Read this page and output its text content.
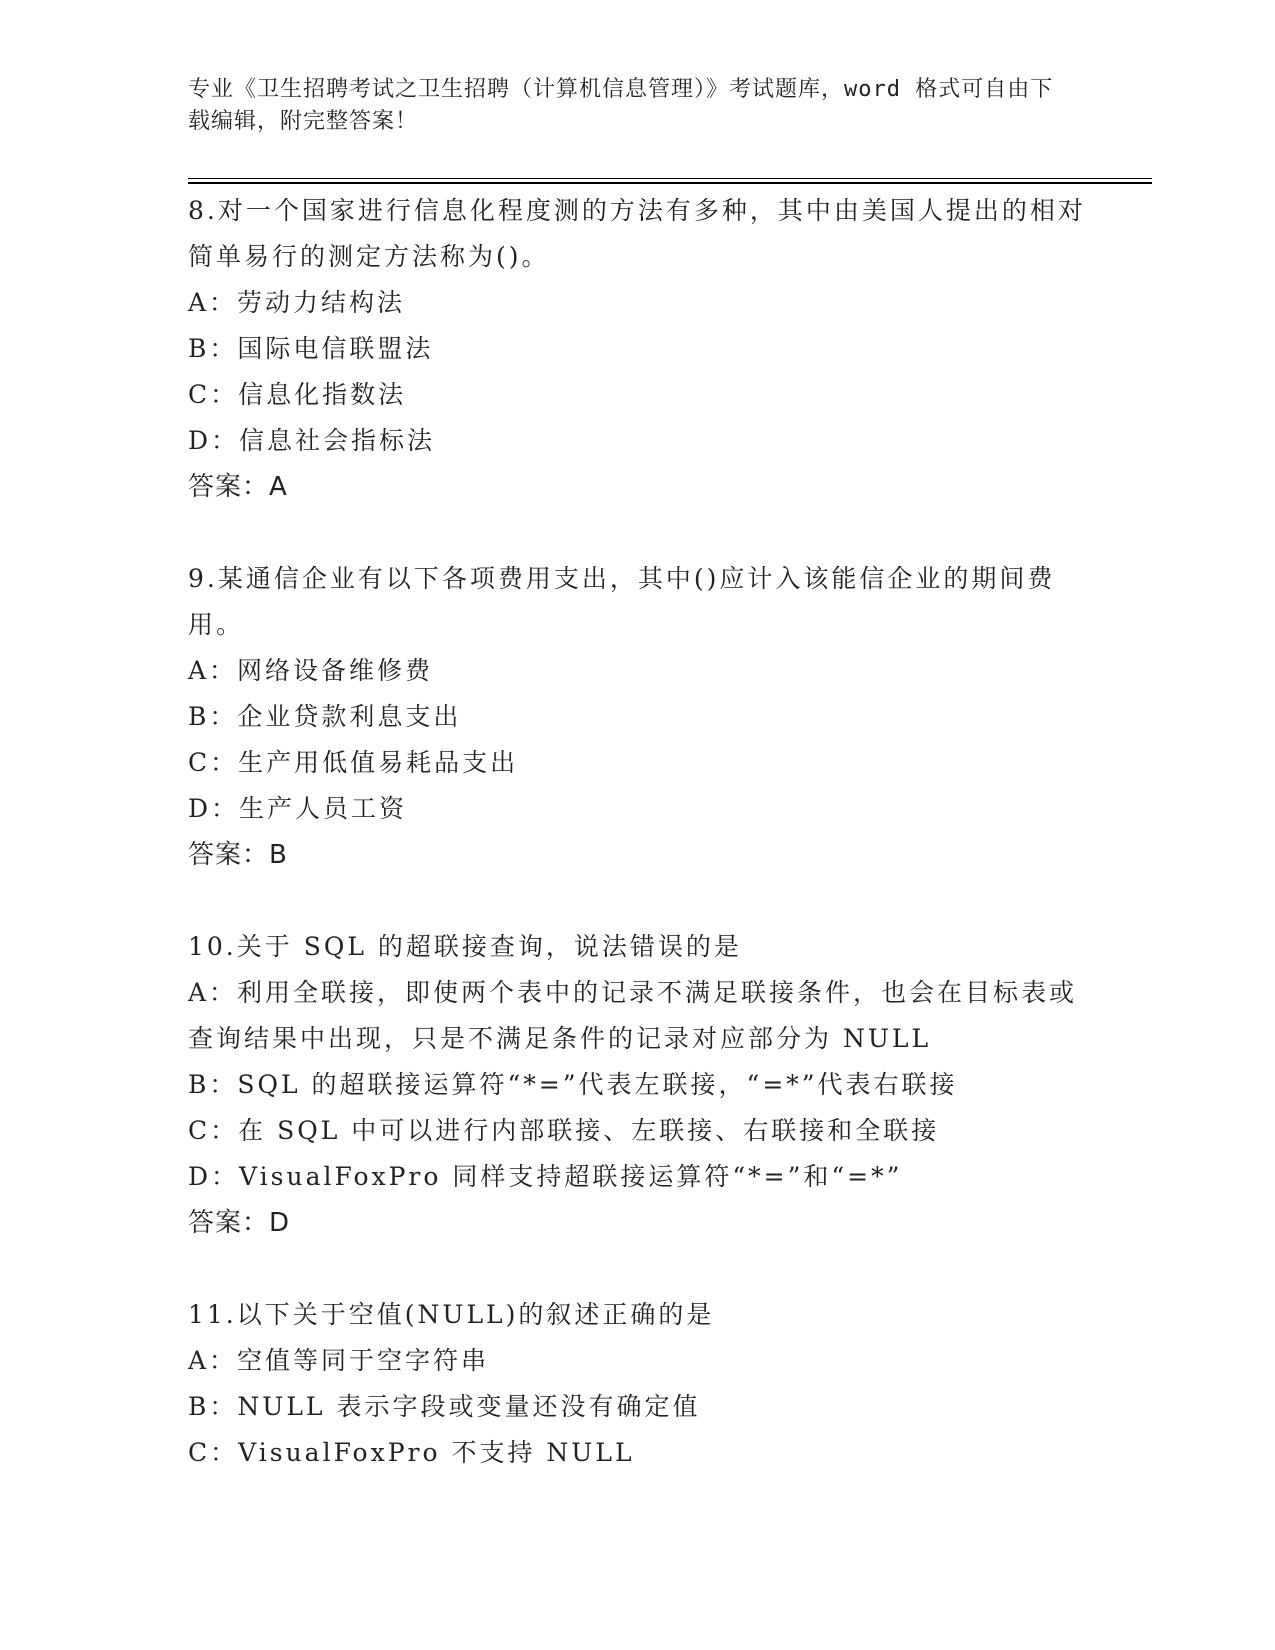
专业《卫生招聘考试之卫生招聘（计算机信息管理）》考试题库，word 格式可自由下载编辑，附完整答案！
8.对一个国家进行信息化程度测的方法有多种，其中由美国人提出的相对简单易行的测定方法称为()。
A：劳动力结构法
B：国际电信联盟法
C：信息化指数法
D：信息社会指标法
答案：A
9.某通信企业有以下各项费用支出，其中()应计入该能信企业的期间费用。
A：网络设备维修费
B：企业贷款利息支出
C：生产用低值易耗品支出
D：生产人员工资
答案：B
10.关于 SQL 的超联接查询，说法错误的是
A：利用全联接，即使两个表中的记录不满足联接条件，也会在目标表或查询结果中出现，只是不满足条件的记录对应部分为 NULL
B：SQL 的超联接运算符“*=”代表左联接，“=*”代表右联接
C：在 SQL 中可以进行内部联接、左联接、右联接和全联接
D：VisualFoxPro 同样支持超联接运算符“*=”和“=*”
答案：D
11.以下关于空值(NULL)的叙述正确的是
A：空值等同于空字符串
B：NULL 表示字段或变量还没有确定值
C：VisualFoxPro 不支持 NULL
